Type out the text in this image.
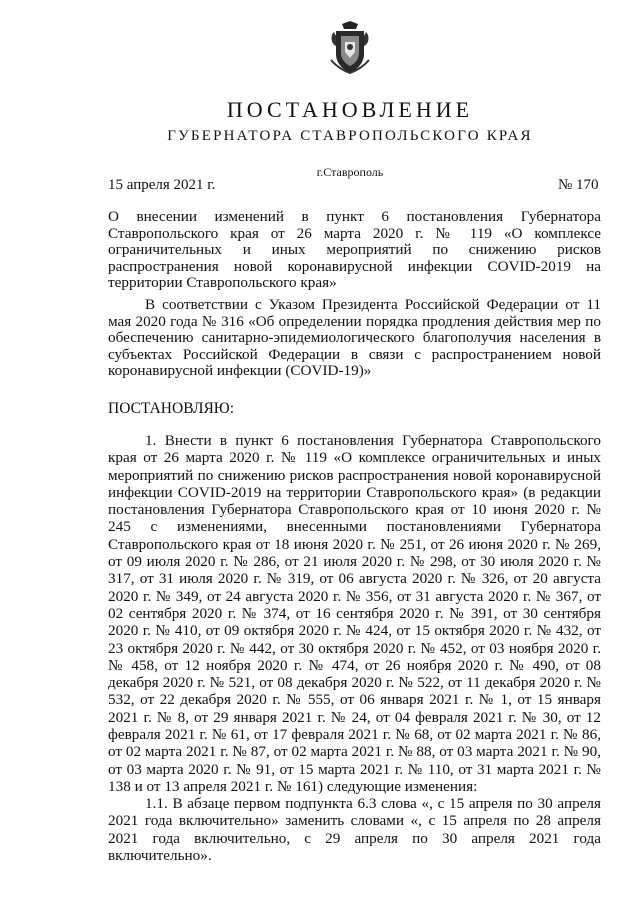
ПОСТАНОВЛЕНИЕ
ГУБЕРНАТОРА СТАВРОПОЛЬСКОГО КРАЯ
г.Ставрополь
15 апреля 2021 г.	№ 170
О внесении изменений в пункт 6 постановления Губернатора Ставропольского края от 26 марта 2020 г. № 119 «О комплексе ограничительных и иных мероприятий по снижению рисков распространения новой коронавирусной инфекции COVID-2019 на территории Ставропольского края»
В соответствии с Указом Президента Российской Федерации от 11 мая 2020 года № 316 «Об определении порядка продления действия мер по обеспечению санитарно-эпидемиологического благополучия населения в субъектах Российской Федерации в связи с распространением новой коронавирусной инфекции (COVID-19)»
ПОСТАНОВЛЯЮ:
1. Внести в пункт 6 постановления Губернатора Ставропольского края от 26 марта 2020 г. № 119 «О комплексе ограничительных и иных мероприятий по снижению рисков распространения новой коронавирусной инфекции COVID-2019 на территории Ставропольского края» (в редакции постановления Губернатора Ставропольского края от 10 июня 2020 г. № 245 с изменениями, внесенными постановлениями Губернатора Ставропольского края от 18 июня 2020 г. № 251, от 26 июня 2020 г. № 269, от 09 июля 2020 г. № 286, от 21 июля 2020 г. № 298, от 30 июля 2020 г. № 317, от 31 июля 2020 г. № 319, от 06 августа 2020 г. № 326, от 20 августа 2020 г. № 349, от 24 августа 2020 г. № 356, от 31 августа 2020 г. № 367, от 02 сентября 2020 г. № 374, от 16 сентября 2020 г. № 391, от 30 сентября 2020 г. № 410, от 09 октября 2020 г. № 424, от 15 октября 2020 г. № 432, от 23 октября 2020 г. № 442, от 30 октября 2020 г. № 452, от 03 ноября 2020 г. № 458, от 12 ноября 2020 г. № 474, от 26 ноября 2020 г. № 490, от 08 декабря 2020 г. № 521, от 08 декабря 2020 г. № 522, от 11 декабря 2020 г. № 532, от 22 декабря 2020 г. № 555, от 06 января 2021 г. № 1, от 15 января 2021 г. № 8, от 29 января 2021 г. № 24, от 04 февраля 2021 г. № 30, от 12 февраля 2021 г. № 61, от 17 февраля 2021 г. № 68, от 02 марта 2021 г. № 86, от 02 марта 2021 г. № 87, от 02 марта 2021 г. № 88, от 03 марта 2021 г. № 90, от 03 марта 2020 г. № 91, от 15 марта 2021 г. № 110, от 31 марта 2021 г. № 138 и от 13 апреля 2021 г. № 161) следующие изменения:
1.1. В абзаце первом подпункта 6.3 слова «, с 15 апреля по 30 апреля 2021 года включительно» заменить словами «, с 15 апреля по 28 апреля 2021 года включительно, с 29 апреля по 30 апреля 2021 года включительно».
